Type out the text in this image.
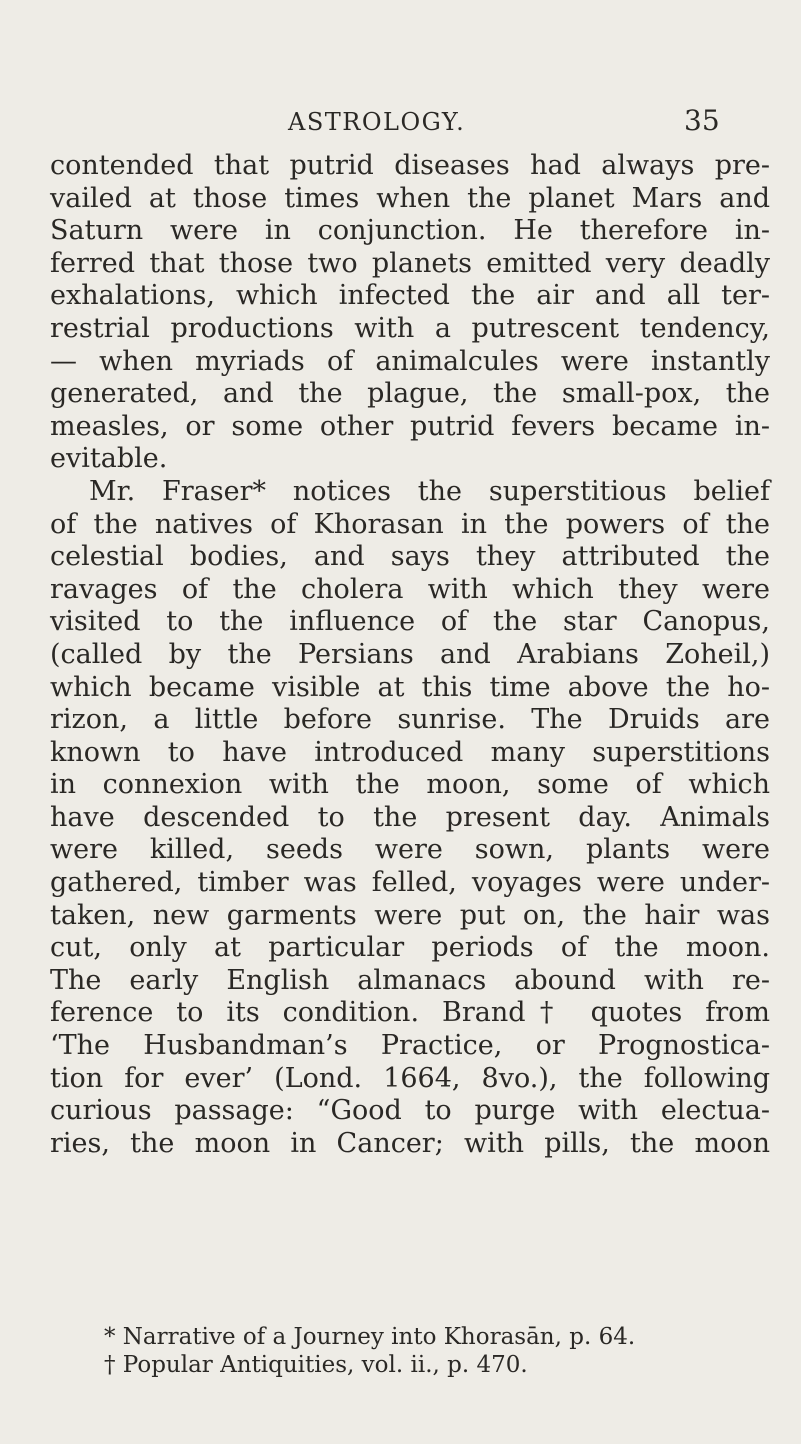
ASTROLOGY.	35
contended that putrid diseases had always pre-
vailed at those times when the planet Mars and
Saturn were in conjunction. He therefore in-
ferred that those two planets emitted very deadly
exhalations, which infected the air and all ter-
restrial productions with a putrescent tendency,
— when myriads of animalcules were instantly
generated, and the plague, the small-pox, the
measles, or some other putrid fevers became in-
evitable.
Mr. Fraser* notices the superstitious belief
of the natives of Khorasan in the powers of the
celestial bodies, and says they attributed the
ravages of the cholera with which they were
visited to the influence of the star Canopus,
(called by the Persians and Arabians Zoheil,)
which became visible at this time above the ho-
rizon, a little before sunrise. The Druids are
known to have introduced many superstitions
in connexion with the moon, some of which
have descended to the present day. Animals
were killed, seeds were sown, plants were
gathered, timber was felled, voyages were under-
taken, new garments were put on, the hair was
cut, only at particular periods of the moon.
The early English almanacs abound with re-
ference to its condition. Brand† quotes from
‘The Husbandman’s Practice, or Prognostica-
tion for ever’ (Lond. 1664, 8vo.), the following
curious passage: “Good to purge with electua-
ries, the moon in Cancer; with pills, the moon
* Narrative of a Journey into Khorasān, p. 64.
† Popular Antiquities, vol. ii., p. 470.
